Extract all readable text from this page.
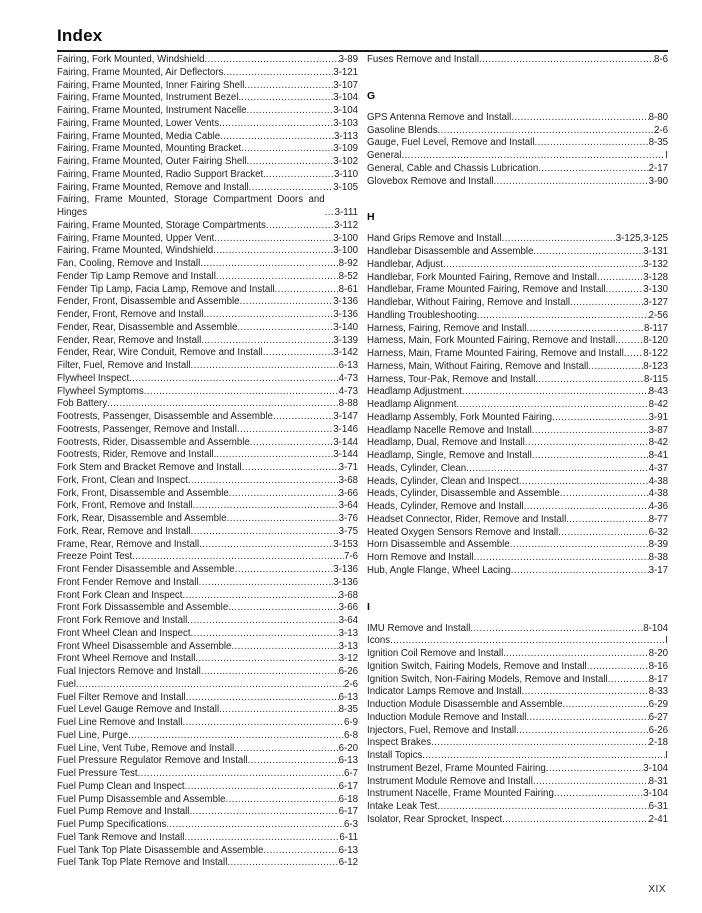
Index
Fairing, Fork Mounted, Windshield .....	3-89
Fairing, Frame Mounted, Air Deflectors .....	3-121
Fairing, Frame Mounted, Inner Fairing Shell .....	3-107
Fairing, Frame Mounted, Instrument Bezel. .....	3-104
Fairing, Frame Mounted, Instrument Nacelle .....	3-104
Fairing, Frame Mounted, Lower Vents .....	3-103
Fairing, Frame Mounted, Media Cable .....	3-113
Fairing, Frame Mounted, Mounting Bracket .....	3-109
Fairing, Frame Mounted, Outer Fairing Shell .....	3-102
Fairing, Frame Mounted, Radio Support Bracket. .....	3-110
Fairing, Frame Mounted, Remove and Install .....	3-105
Fairing, Frame Mounted, Storage Compartment Doors and Hinges .....	3-111
Fairing, Frame Mounted, Storage Compartments .....	3-112
Fairing, Frame Mounted, Upper Vent .....	3-100
Fairing, Frame Mounted, Windshield .....	3-100
Fan, Cooling, Remove and Install .....	8-92
Fender Tip Lamp Remove and Install .....	8-52
Fender Tip Lamp, Facia Lamp, Remove and Install .....	8-61
Fender, Front, Disassemble and Assemble .....	3-136
Fender, Front, Remove and Install .....	3-136
Fender, Rear, Disassemble and Assemble .....	3-140
Fender, Rear, Remove and Install .....	3-139
Fender, Rear, Wire Conduit, Remove and Install .....	3-142
Filter, Fuel, Remove and Install .....	6-13
Flywheel Inspect .....	4-73
Flywheel Symptoms .....	4-73
Fob Battery .....	8-88
Footrests, Passenger, Disassemble and Assemble .....	3-147
Footrests, Passenger, Remove and Install .....	3-146
Footrests, Rider, Disassemble and Assemble .....	3-144
Footrests, Rider, Remove and Install. .....	3-144
Fork Stem and Bracket Remove and Install .....	3-71
Fork, Front, Clean and Inspect .....	3-68
Fork, Front, Disassemble and Assemble .....	3-66
Fork, Front, Remove and Install .....	3-64
Fork, Rear, Disassemble and Assemble .....	3-76
Fork, Rear, Remove and Install .....	3-75
Frame, Rear, Remove and Install .....	3-153
Freeze Point Test .....	7-6
Front Fender Disassemble and Assemble .....	3-136
Front Fender Remove and Install .....	3-136
Front Fork Clean and Inspect .....	3-68
Front Fork Dissassemble and Assemble .....	3-66
Front Fork Remove and Install .....	3-64
Front Wheel Clean and Inspect .....	3-13
Front Wheel Disassemble and Assemble .....	3-13
Front Wheel Remove and Install .....	3-12
Fual Injectors Remove and Install .....	6-26
Fuel .....	2-6
Fuel Filter Remove and Install .....	6-13
Fuel Level Gauge Remove and Install .....	8-35
Fuel Line Remove and Install .....	6-9
Fuel Line, Purge .....	6-8
Fuel Line, Vent Tube, Remove and Install .....	6-20
Fuel Pressure Regulator Remove and Install .....	6-13
Fuel Pressure Test .....	6-7
Fuel Pump Clean and Inspect .....	6-17
Fuel Pump Disassemble and Assemble .....	6-18
Fuel Pump Remove and Install .....	6-17
Fuel Pump Specifications .....	6-3
Fuel Tank Remove and Install .....	6-11
Fuel Tank Top Plate Disassemble and Assemble .....	6-13
Fuel Tank Top Plate Remove and Install .....	6-12
Fuses Remove and Install .....	8-6
G
GPS Antenna Remove and Install .....	8-80
Gasoline Blends .....	2-6
Gauge, Fuel Level, Remove and Install .....	8-35
General .....	I
General, Cable and Chassis Lubrication .....	2-17
Glovebox Remove and Install .....	3-90
H
Hand Grips Remove and Install .....	3-125,3-125
Handlebar Disassemble and Assemble .....	3-131
Handlebar, Adjust .....	3-132
Handlebar, Fork Mounted Fairing, Remove and Install .....	3-128
Handlebar, Frame Mounted Fairing, Remove and Install .....	3-130
Handlebar, Without Fairing, Remove and Install .....	3-127
Handling Troubleshooting .....	2-56
Harness, Fairing, Remove and Install .....	8-117
Harness, Main, Fork Mounted Fairing, Remove and Install .....	8-120
Harness, Main, Frame Mounted Fairing, Remove and Install ..... 8-122
Harness, Main, Without Fairing, Remove and Install .....	8-123
Harness, Tour-Pak, Remove and Install .....	8-115
Headlamp Adjustment .....	8-43
Headlamp Alignment .....	8-42
Headlamp Assembly, Fork Mounted Fairing .....	3-91
Headlamp Nacelle Remove and Install .....	3-87
Headlamp, Dual, Remove and Install .....	8-42
Headlamp, Single, Remove and Install .....	8-41
Heads, Cylinder, Clean .....	4-37
Heads, Cylinder, Clean and Inspect .....	4-38
Heads, Cylinder, Disassemble and Assemble .....	4-38
Heads, Cylinder, Remove and Install .....	4-36
Headset Connector, Rider, Remove and Install .....	8-77
Heated Oxygen Sensors Remove and Install .....	6-32
Horn Disassemble and Assemble .....	8-39
Horn Remove and Install .....	8-38
Hub, Angle Flange, Wheel Lacing .....	3-17
I
IMU Remove and Install .....	8-104
Icons .....	I
Ignition Coil Remove and Install. .....	8-20
Ignition Switch, Fairing Models, Remove and Install .....	8-16
Ignition Switch, Non-Fairing Models, Remove and Install .....	8-17
Indicator Lamps Remove and Install .....	8-33
Induction Module Disassemble and Assemble .....	6-29
Induction Module Remove and Install .....	6-27
Injectors, Fuel, Remove and Install .....	6-26
Inspect Brakes .....	2-18
Install Topics .....	I
Instrument Bezel, Frame Mounted Fairing .....	3-104
Instrument Module Remove and Install .....	8-31
Instrument Nacelle, Frame Mounted Fairing .....	3-104
Intake Leak Test .....	6-31
Isolator, Rear Sprocket, Inspect .....	2-41
XIX
